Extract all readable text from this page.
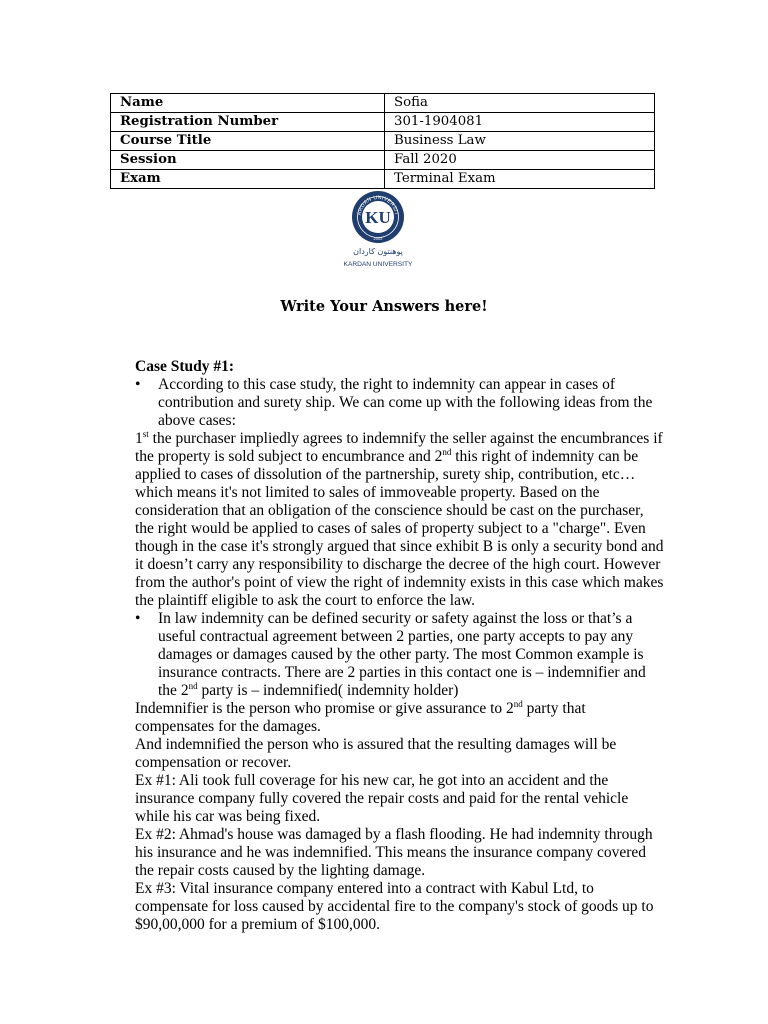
Name	Sofia
Registration Number	301-1904081
Course Title	Business Law
Session	Fall 2020
Exam	Terminal Exam
ARDAN UNIVERSIT
KU
2002
پوهنتون کاردان
KARDAN UNIVERSITY
Write Your Answers here!

Case Study #1:

• According to this case study, the right to indemnity can appear in cases of contribution and surety ship. We can come up with the following ideas from the above cases:

1st the purchaser impliedly agrees to indemnify the seller against the encumbrances if the property is sold subject to encumbrance and 2nd this right of indemnity can be applied to cases of dissolution of the partnership, surety ship, contribution, etc… which means it's not limited to sales of immoveable property. Based on the consideration that an obligation of the conscience should be cast on the purchaser, the right would be applied to cases of sales of property subject to a "charge". Even though in the case it's strongly argued that since exhibit B is only a security bond and it doesn’t carry any responsibility to discharge the decree of the high court. However from the author's point of view the right of indemnity exists in this case which makes the plaintiff eligible to ask the court to enforce the law.

• In law indemnity can be defined security or safety against the loss or that’s a useful contractual agreement between 2 parties, one party accepts to pay any damages or damages caused by the other party. The most Common example is insurance contracts. There are 2 parties in this contact one is – indemnifier and the 2nd party is – indemnified( indemnity holder)

Indemnifier is the person who promise or give assurance to 2nd party that compensates for the damages.

And indemnified the person who is assured that the resulting damages will be compensation or recover.

Ex #1: Ali took full coverage for his new car, he got into an accident and the insurance company fully covered the repair costs and paid for the rental vehicle while his car was being fixed.

Ex #2: Ahmad's house was damaged by a flash flooding. He had indemnity through his insurance and he was indemnified. This means the insurance company covered the repair costs caused by the lighting damage.

Ex #3: Vital insurance company entered into a contract with Kabul Ltd, to compensate for loss caused by accidental fire to the company's stock of goods up to $90,00,000 for a premium of $100,000.
